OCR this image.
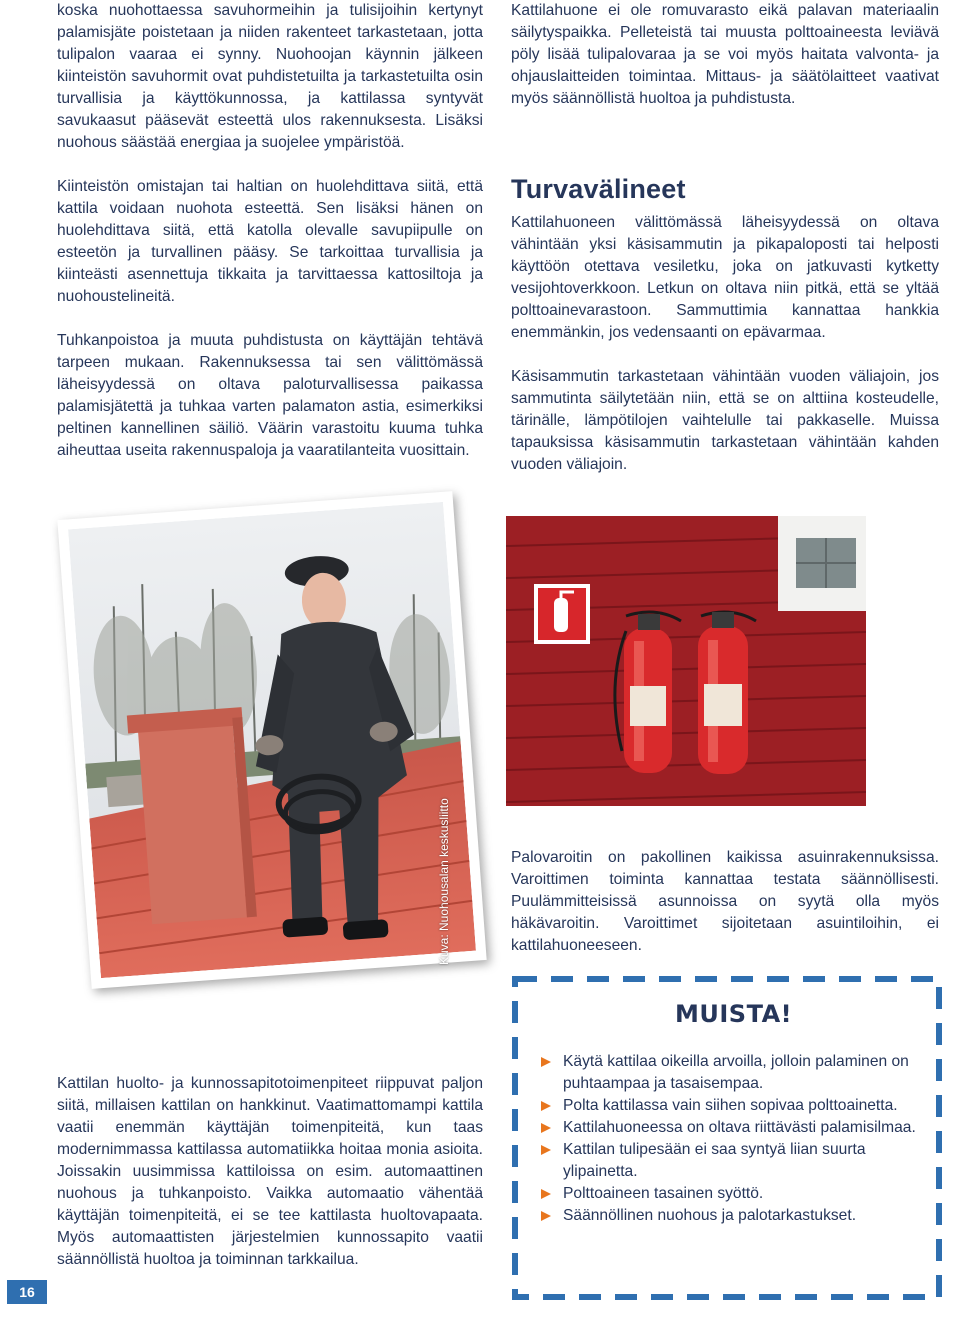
koska nuohottaessa savuhormeihin ja tulisijoihin kertynyt palamisjäte poistetaan ja niiden rakenteet tarkastetaan, jotta tulipalon vaaraa ei synny. Nuohoojan käynnin jälkeen kiinteistön savuhormit ovat puhdistetuilta ja tarkastetuilta osin turvallisia ja käyttökunnossa, ja kattilassa syntyvät savukaasut pääsevät esteettä ulos rakennuksesta. Lisäksi nuohous säästää energiaa ja suojelee ympäristöä.

Kiinteistön omistajan tai haltian on huolehdittava siitä, että kattila voidaan nuohota esteettä. Sen lisäksi hänen on huolehdittava siitä, että katolla olevalle savupiipulle on esteetön ja turvallinen pääsy. Se tarkoittaa turvallisia ja kiinteästi asennettuja tikkaita ja tarvittaessa kattosiltoja ja nuohoustelineitä.

Tuhkanpoistoa ja muuta puhdistusta on käyttäjän tehtävä tarpeen mukaan. Rakennuksessa tai sen välittömässä läheisyydessä on oltava paloturvallisessa paikassa palamisjätettä ja tuhkaa varten palamaton astia, esimerkiksi peltinen kannellinen säiliö. Väärin varastoitu kuuma tuhka aiheuttaa useita rakennuspaloja ja vaaratilanteita vuosittain.

Kattilahuone ei ole romuvarasto eikä palavan materiaalin säilytyspaikka. Pelleteistä tai muusta polttoaineesta leviävä pöly lisää tulipalovaraa ja se voi myös haitata valvonta- ja ohjauslaitteiden toimintaa. Mittaus- ja säätölaitteet vaativat myös säännöllistä huoltoa ja puhdistusta.

Turvavälineet

Kattilahuoneen välittömässä läheisyydessä on oltava vähintään yksi käsisammutin ja pikapaloposti tai helposti käyttöön otettava vesiletku, joka on jatkuvasti kytketty vesijohtoverkkoon. Letkun on oltava niin pitkä, että se yltää polttoainevarastoon. Sammuttimia kannattaa hankkia enemmänkin, jos vedensaanti on epävarmaa.

Käsisammutin tarkastetaan vähintään vuoden väliajoin, jos sammutinta säilytetään niin, että se on alttiina kosteudelle, tärinälle, lämpötilojen vaihtelulle tai pakkaselle. Muissa tapauksissa käsisammutin tarkastetaan vähintään kahden vuoden väliajoin.

Kuva: Nuohousalan keskusliitto	Palovaroitin on pakollinen kaikissa asuinrakennuksissa. Varoittimen toiminta kannattaa testata säännöllisesti. Puulämmitteisissä asunnoissa on syytä olla myös häkävaroitin. Varoittimet sijoitetaan asuintiloihin, ei kattilahuoneeseen.

MUISTA!
Käytä kattilaa oikeilla arvoilla, jolloin palaminen on puhtaampaa ja tasaisempaa.
Polta kattilassa vain siihen sopivaa polttoainetta.
Kattilahuoneessa on oltava riittävästi palamisilmaa.
Kattilan tulipesään ei saa syntyä liian suurta ylipainetta.
Polttoaineen tasainen syöttö.
Säännöllinen nuohous ja palotarkastukset.

Kattilan huolto- ja kunnossapitotoimenpiteet riippuvat paljon siitä, millaisen kattilan on hankkinut. Vaatimattomampi kattila vaatii enemmän käyttäjän toimenpiteitä, kun taas modernimmassa kattilassa automatiikka hoitaa monia asioita. Joissakin uusimmissa kattiloissa on esim. automaattinen nuohous ja tuhkanpoisto. Vaikka automaatio vähentää käyttäjän toimenpiteitä, ei se tee kattilasta huoltovapaata. Myös automaattisten järjestelmien kunnossapito vaatii säännöllistä huoltoa ja toiminnan tarkkailua.

16
